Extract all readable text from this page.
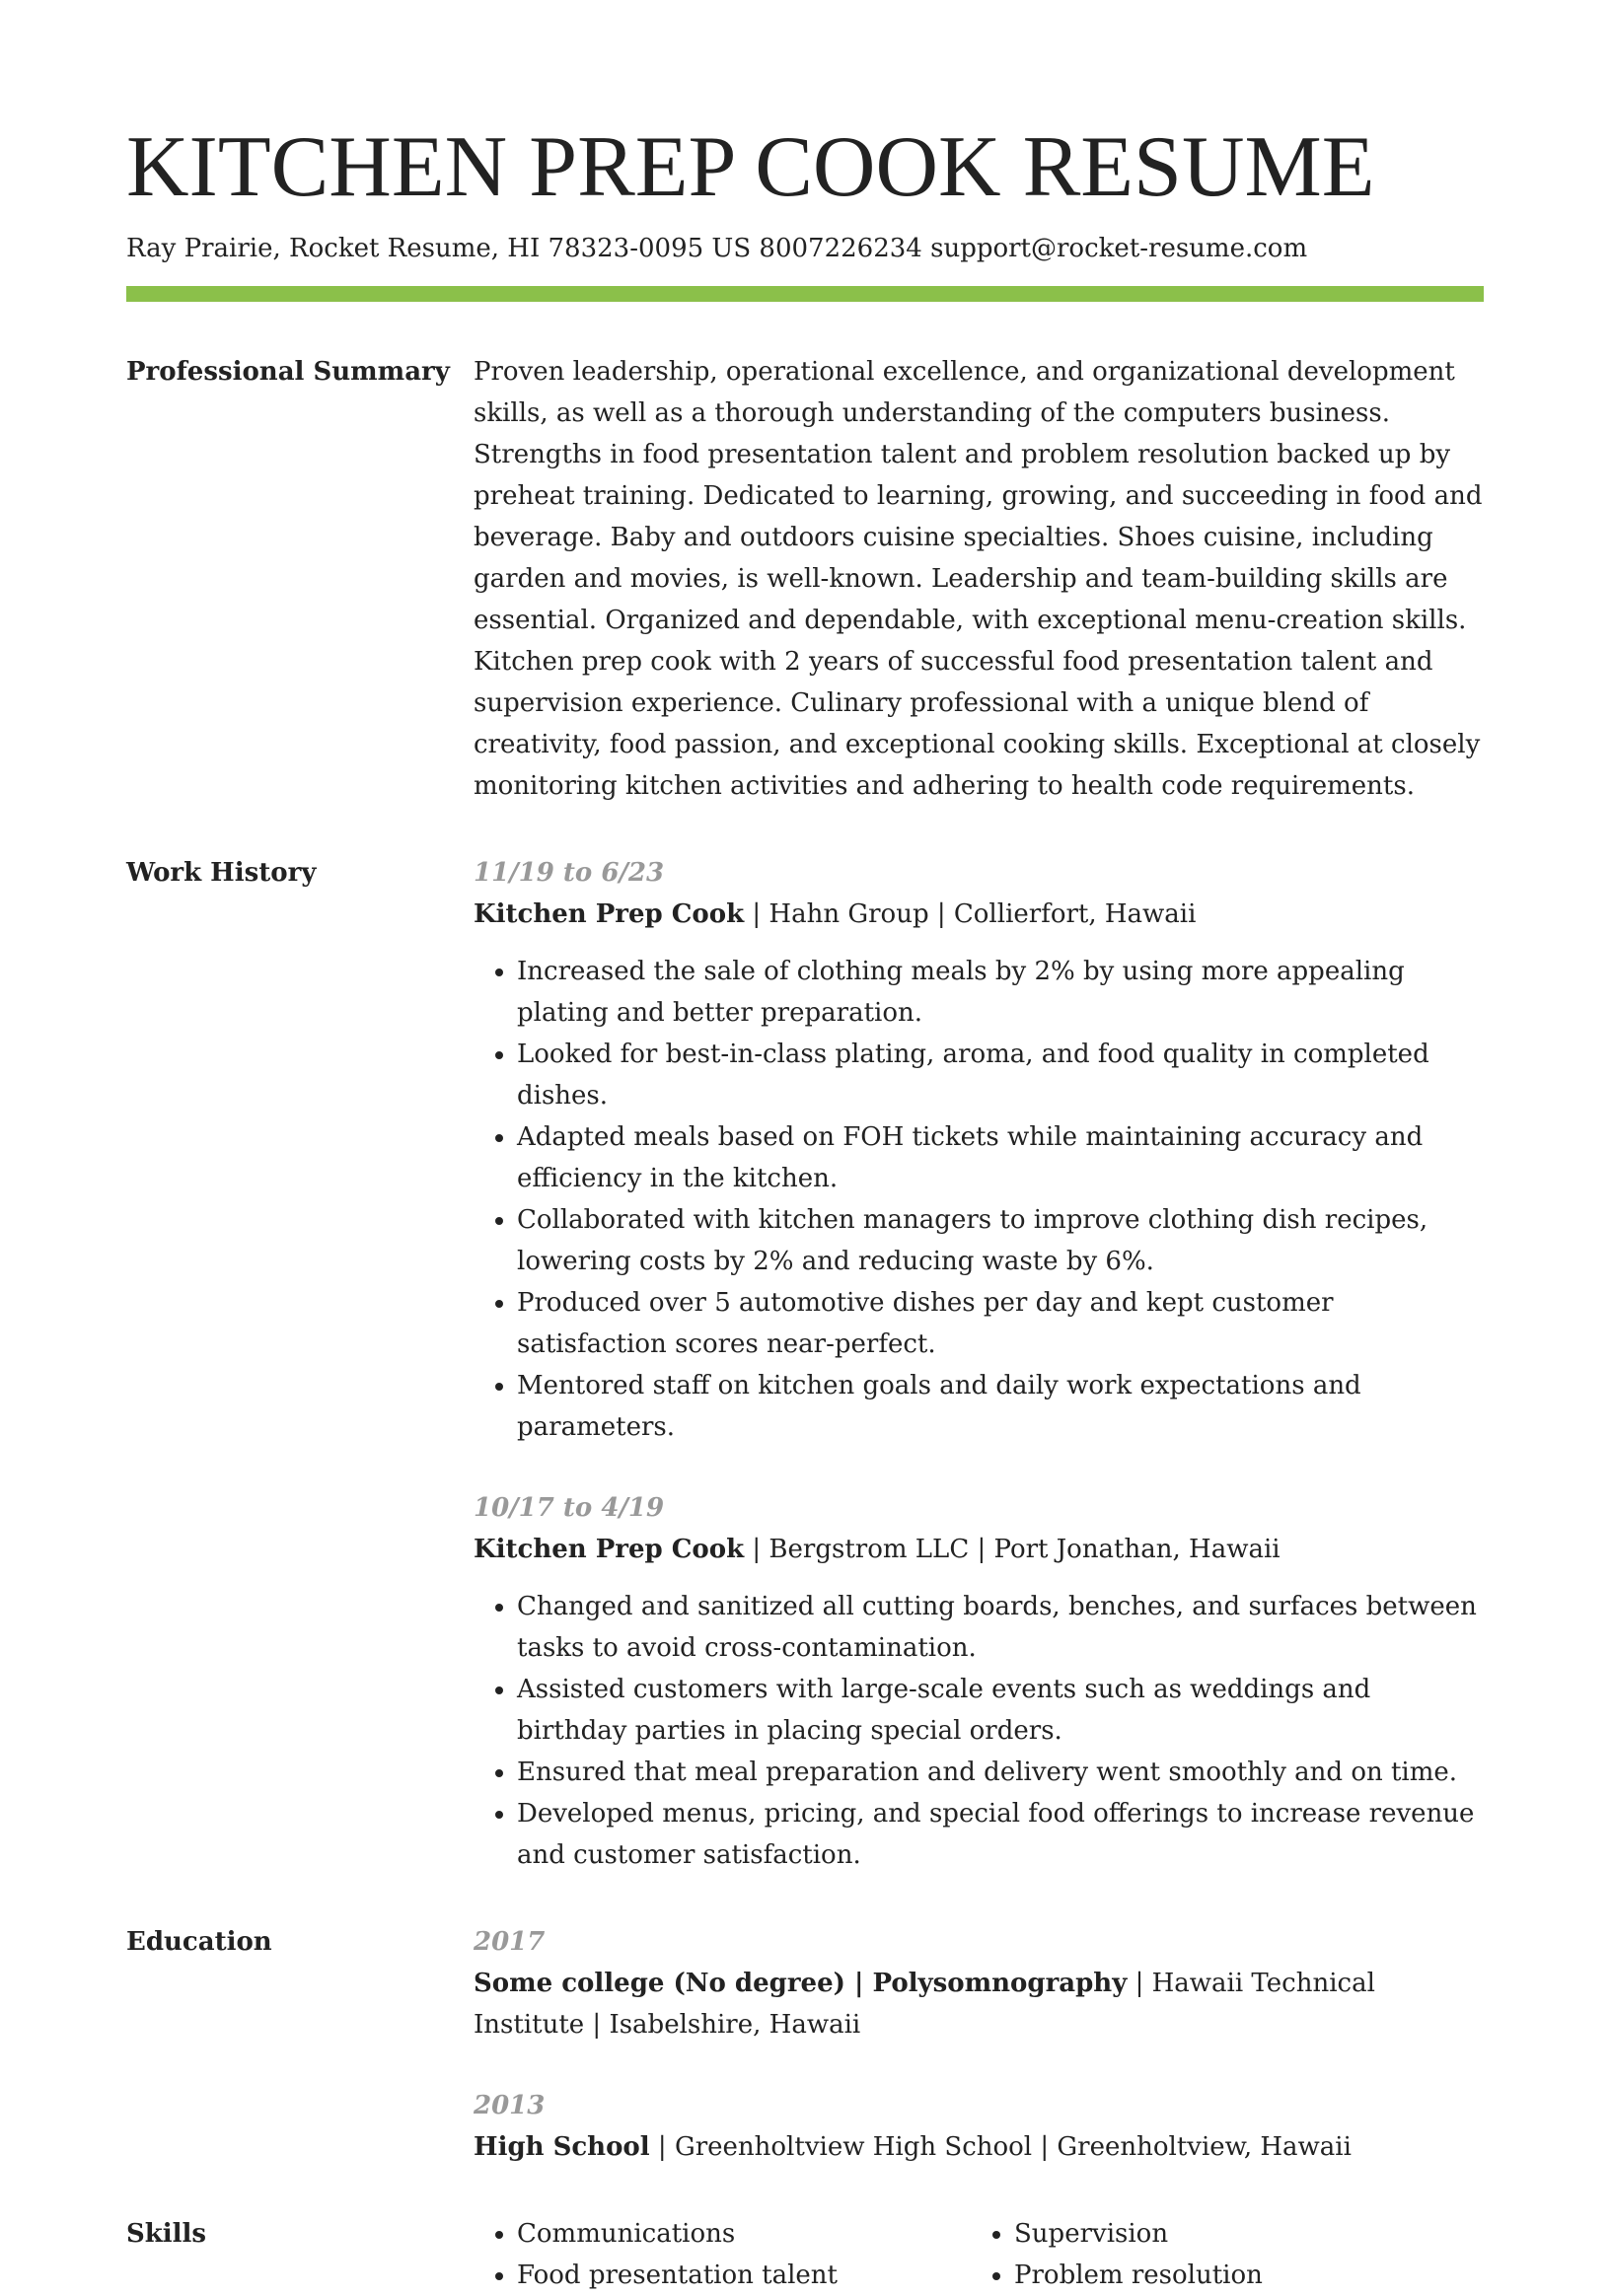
KITCHEN PREP COOK RESUME
Ray Prairie, Rocket Resume, HI 78323-0095 US 8007226234 support@rocket-resume.com
Professional Summary Proven leadership, operational excellence, and organizational development skills, as well as a thorough understanding of the computers business. Strengths in food presentation talent and problem resolution backed up by preheat training. Dedicated to learning, growing, and succeeding in food and beverage. Baby and outdoors cuisine specialties. Shoes cuisine, including garden and movies, is well-known. Leadership and team-building skills are essential. Organized and dependable, with exceptional menu-creation skills. Kitchen prep cook with 2 years of successful food presentation talent and supervision experience. Culinary professional with a unique blend of creativity, food passion, and exceptional cooking skills. Exceptional at closely monitoring kitchen activities and adhering to health code requirements.

Work History	11/19 to 6/23
Kitchen Prep Cook | Hahn Group | Collierfort, Hawaii
• Increased the sale of clothing meals by 2% by using more appealing plating and better preparation.
• Looked for best-in-class plating, aroma, and food quality in completed dishes.
• Adapted meals based on FOH tickets while maintaining accuracy and efficiency in the kitchen.
• Collaborated with kitchen managers to improve clothing dish recipes, lowering costs by 2% and reducing waste by 6%.
• Produced over 5 automotive dishes per day and kept customer satisfaction scores near-perfect.
• Mentored staff on kitchen goals and daily work expectations and parameters.
10/17 to 4/19
Kitchen Prep Cook | Bergstrom LLC | Port Jonathan, Hawaii
• Changed and sanitized all cutting boards, benches, and surfaces between tasks to avoid cross-contamination.
• Assisted customers with large-scale events such as weddings and birthday parties in placing special orders.
• Ensured that meal preparation and delivery went smoothly and on time.
• Developed menus, pricing, and special food offerings to increase revenue and customer satisfaction.
Education	2017
Some college (No degree) | Polysomnography | Hawaii Technical Institute | Isabelshire, Hawaii
2013
High School | Greenholtview High School | Greenholtview, Hawaii
Skills
•	Communications
• Food presentation talent
• Supervision
• Problem resolution
